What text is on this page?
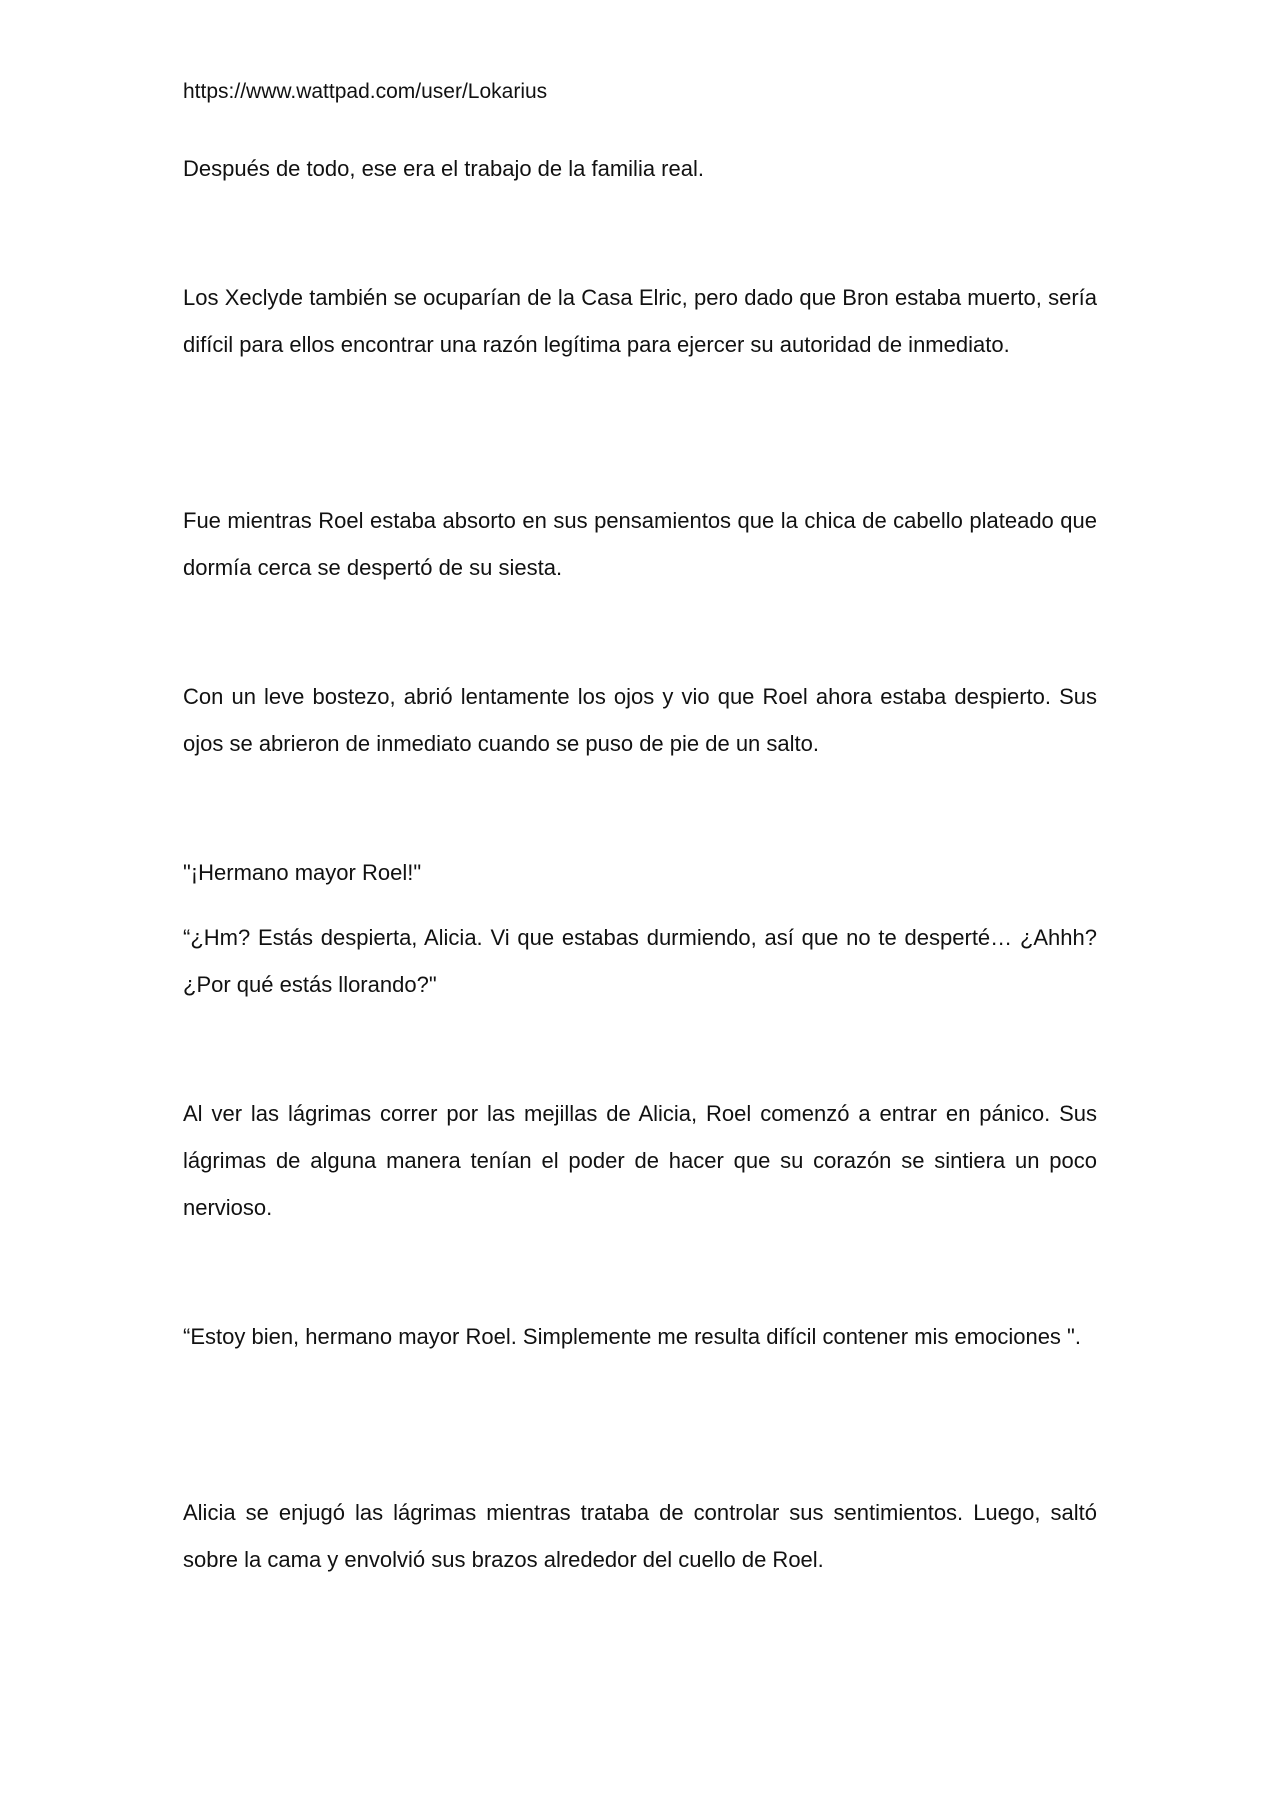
https://www.wattpad.com/user/Lokarius

Después de todo, ese era el trabajo de la familia real.

Los Xeclyde también se ocuparían de la Casa Elric, pero dado que Bron estaba muerto, sería difícil para ellos encontrar una razón legítima para ejercer su autoridad de inmediato.

Fue mientras Roel estaba absorto en sus pensamientos que la chica de cabello plateado que dormía cerca se despertó de su siesta.

Con un leve bostezo, abrió lentamente los ojos y vio que Roel ahora estaba despierto. Sus ojos se abrieron de inmediato cuando se puso de pie de un salto.

"¡Hermano mayor Roel!"

“¿Hm? Estás despierta, Alicia. Vi que estabas durmiendo, así que no te desperté… ¿Ahhh? ¿Por qué estás llorando?"

Al ver las lágrimas correr por las mejillas de Alicia, Roel comenzó a entrar en pánico. Sus lágrimas de alguna manera tenían el poder de hacer que su corazón se sintiera un poco nervioso.

“Estoy bien, hermano mayor Roel. Simplemente me resulta difícil contener mis emociones ".

Alicia se enjugó las lágrimas mientras trataba de controlar sus sentimientos. Luego, saltó sobre la cama y envolvió sus brazos alrededor del cuello de Roel.
